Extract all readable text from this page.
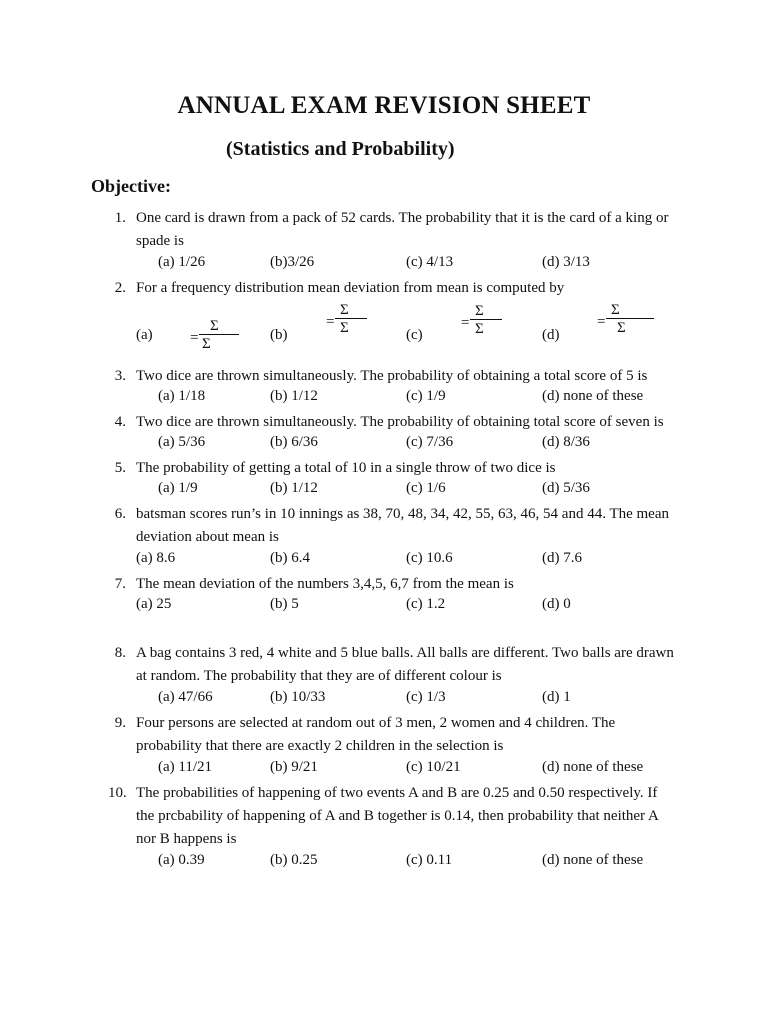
ANNUAL EXAM REVISION SHEET
(Statistics and Probability)
Objective:
1. One card is drawn from a pack of 52 cards. The probability that it is the card of a king or
spade is
(a) 1/26	(b)3/26	(c) 4/13	(d) 3/13
2. For a frequency distribution mean deviation from mean is computed by
(a)	(b)	(c)	(d)
3. Two dice are thrown simultaneously. The probability of obtaining a total score of 5 is
(a) 1/18	(b) 1/12	(c) 1/9	(d) none of these
4. Two dice are thrown simultaneously. The probability of obtaining total score of seven is
(a) 5/36	(b) 6/36	(c) 7/36	(d) 8/36
5. The probability of getting a total of 10 in a single throw of two dice is
(a) 1/9	(b) 1/12	(c) 1/6	(d) 5/36
6. batsman scores run’s in 10 innings as 38, 70, 48, 34, 42, 55, 63, 46, 54 and 44. The mean
deviation about mean is
(a) 8.6	(b) 6.4	(c) 10.6	(d) 7.6
7. The mean deviation of the numbers 3,4,5, 6,7 from the mean is
(a) 25	(b) 5	(c) 1.2	(d) 0
8. A bag contains 3 red, 4 white and 5 blue balls. All balls are different. Two balls are drawn
at random. The probability that they are of different colour is
(a) 47/66	(b) 10/33	(c) 1/3	(d) 1
9. Four persons are selected at random out of 3 men, 2 women and 4 children. The
probability that there are exactly 2 children in the selection is
(a) 11/21	(b) 9/21	(c) 10/21	(d) none of these
10. The probabilities of happening of two events A and B are 0.25 and 0.50 respectively. If
the prcbability of happening of A and B together is 0.14, then probability that neither A
nor B happens is
(a) 0.39	(b) 0.25	(c) 0.11	(d) none of these
=
Σ
Σ
=
Σ
Σ	=
Σ
Σ	=
Σ
Σ
